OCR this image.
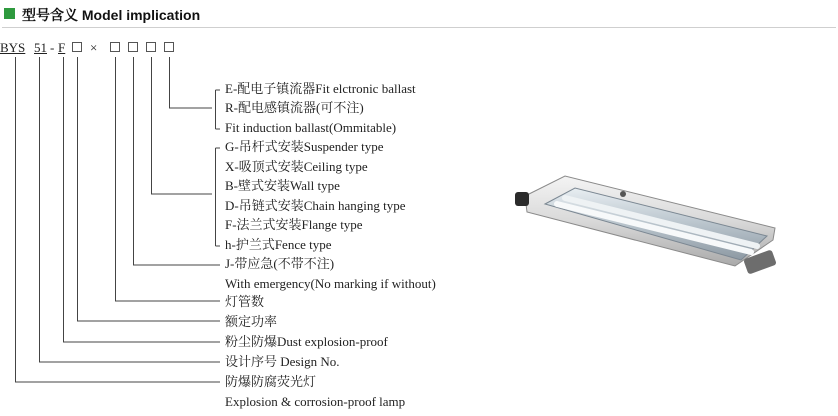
型号含义 Model implication
BYS 51 - F ×
E-配电子镇流器Fit elctronic ballast
R-配电感镇流器(可不注)
Fit induction ballast(Ommitable)
G-吊杆式安装Suspender type
X-吸顶式安装Ceiling type
B-壁式安装Wall type
D-吊链式安装Chain hanging type
F-法兰式安装Flange type
h-护兰式Fence type
J-带应急(不带不注)
With emergency(No marking if without)
灯管数
额定功率
粉尘防爆Dust explosion-proof
设计序号 Design No.
防爆防腐荧光灯
Explosion & corrosion-proof lamp
